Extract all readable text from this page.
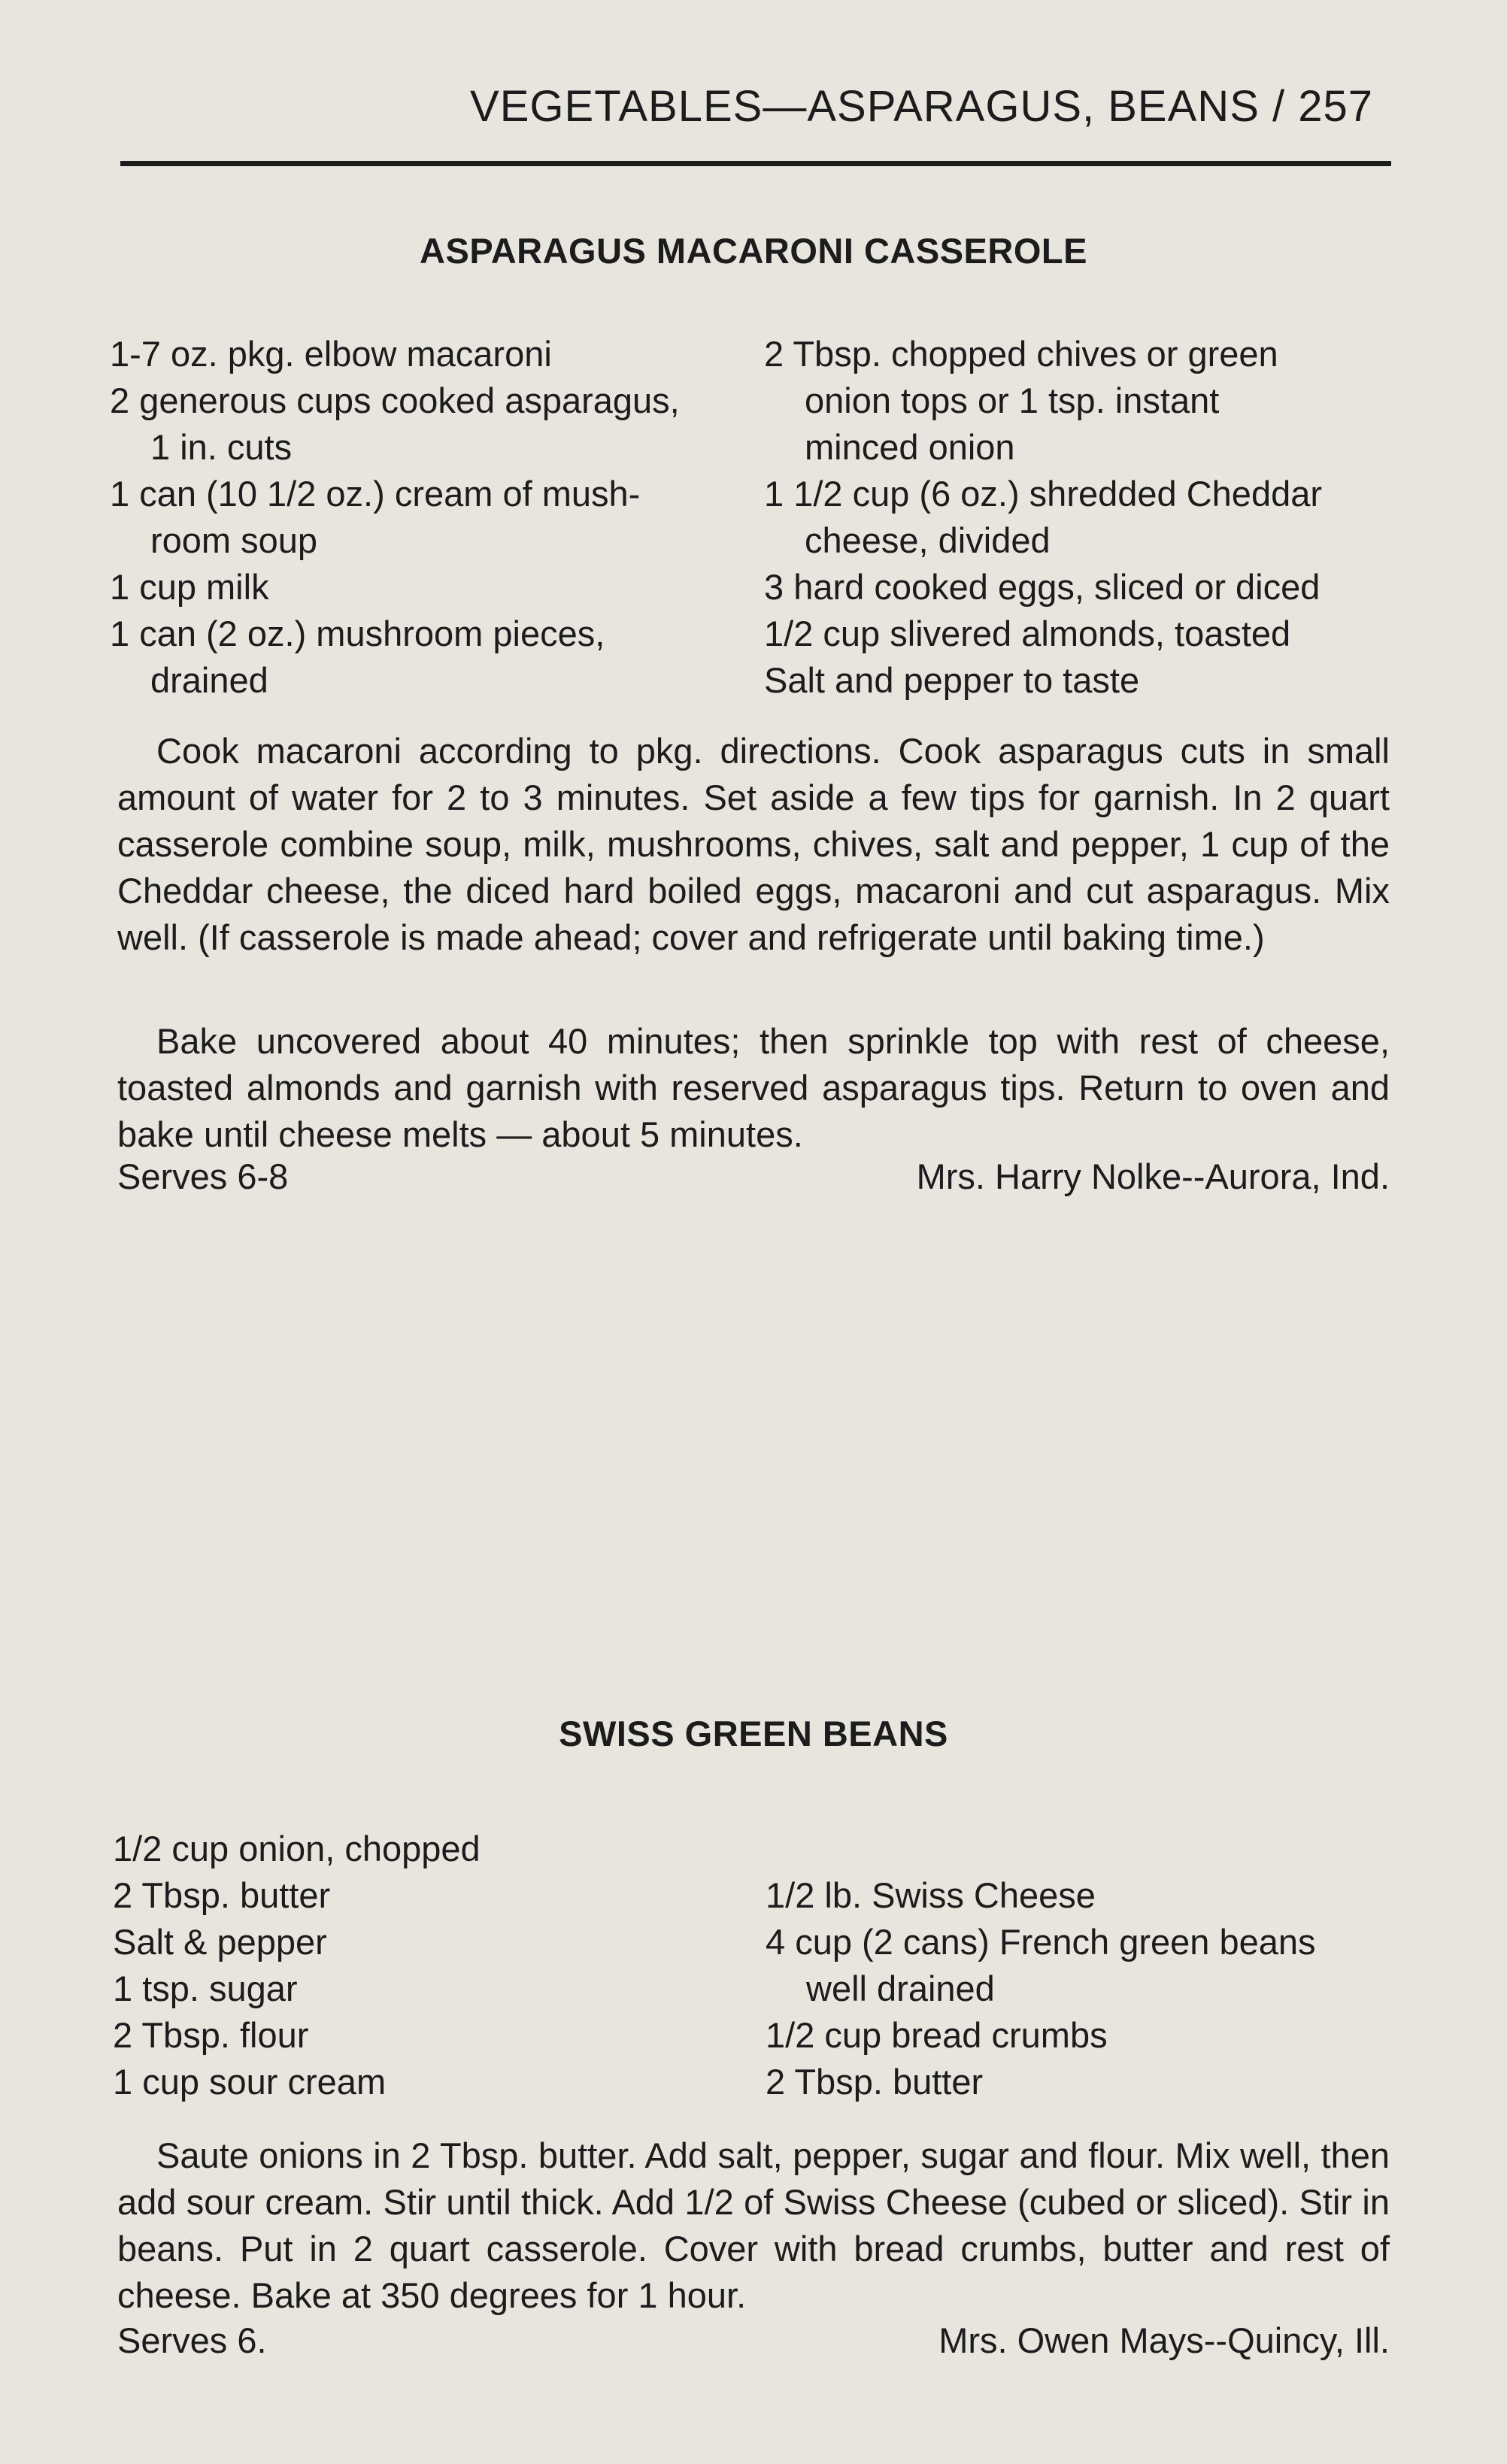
VEGETABLES—ASPARAGUS, BEANS / 257
ASPARAGUS MACARONI CASSEROLE
1-7 oz. pkg. elbow macaroni
2 generous cups cooked asparagus,
1 in. cuts
1 can (10 1/2 oz.) cream of mush-
room soup
1 cup milk
1 can (2 oz.) mushroom pieces,
drained
2 Tbsp. chopped chives or green
onion tops or 1 tsp. instant
minced onion
1 1/2 cup (6 oz.) shredded Cheddar
cheese, divided
3 hard cooked eggs, sliced or diced
1/2 cup slivered almonds, toasted
Salt and pepper to taste

Cook macaroni according to pkg. directions. Cook asparagus cuts in small amount of water for 2 to 3 minutes. Set aside a few tips for garnish. In 2 quart casserole combine soup, milk, mushrooms, chives, salt and pepper, 1 cup of the Cheddar cheese, the diced hard boiled eggs, macaroni and cut asparagus. Mix well. (If casserole is made ahead; cover and refrigerate until baking time.)

Bake uncovered about 40 minutes; then sprinkle top with rest of cheese, toasted almonds and garnish with reserved asparagus tips. Return to oven and bake until cheese melts — about 5 minutes.

Serves 6-8	Mrs. Harry Nolke--Aurora, Ind.
SWISS GREEN BEANS
1/2 cup onion, chopped
2 Tbsp. butter
Salt & pepper
1 tsp. sugar
2 Tbsp. flour
1 cup sour cream
1/2 lb. Swiss Cheese
4 cup (2 cans) French green beans
well drained
1/2 cup bread crumbs
2 Tbsp. butter

Saute onions in 2 Tbsp. butter. Add salt, pepper, sugar and flour. Mix well, then add sour cream. Stir until thick. Add 1/2 of Swiss Cheese (cubed or sliced). Stir in beans. Put in 2 quart casserole. Cover with bread crumbs, butter and rest of cheese. Bake at 350 degrees for 1 hour.

Serves 6.	Mrs. Owen Mays--Quincy, Ill.
